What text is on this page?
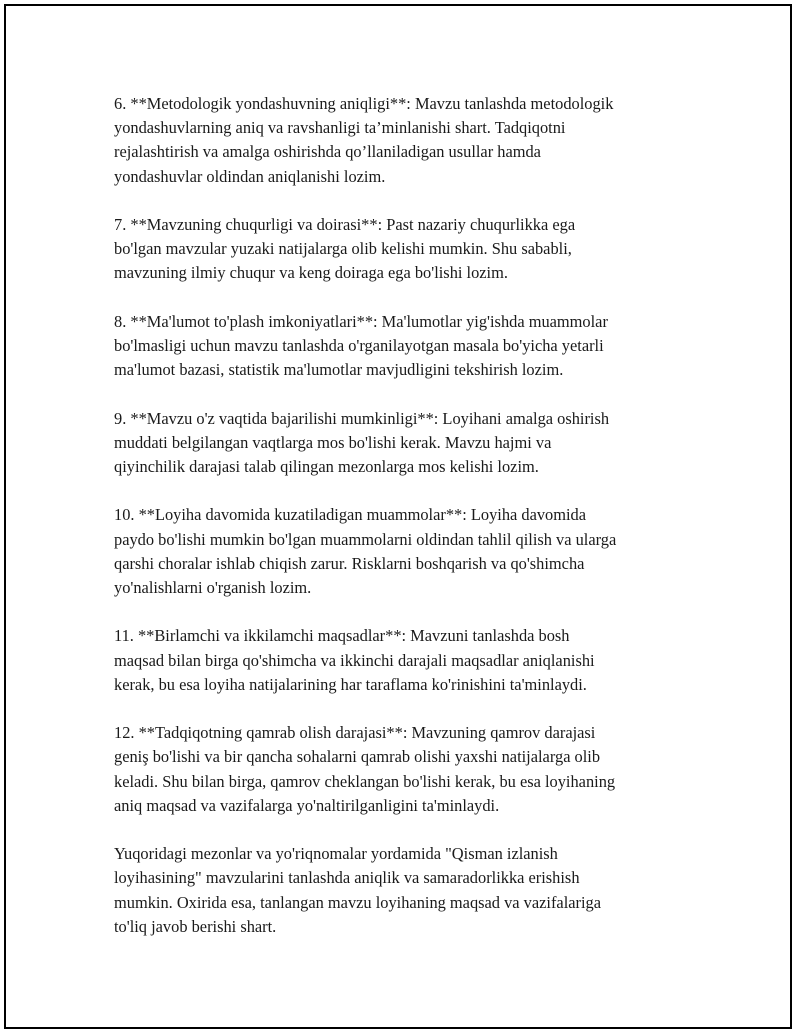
6. **Metodologik yondashuvning aniqligi**: Mavzu tanlashda metodologik
yondashuvlarning aniq va ravshanligi ta’minlanishi shart. Tadqiqotni
rejalashtirish va amalga oshirishda qo’llaniladigan usullar hamda
yondashuvlar oldindan aniqlanishi lozim.

7. **Mavzuning chuqurligi va doirasi**: Past nazariy chuqurlikka ega
bo'lgan mavzular yuzaki natijalarga olib kelishi mumkin. Shu sababli,
mavzuning ilmiy chuqur va keng doiraga ega bo'lishi lozim.

8. **Ma'lumot to'plash imkoniyatlari**: Ma'lumotlar yig'ishda muammolar
bo'lmasligi uchun mavzu tanlashda o'rganilayotgan masala bo'yicha yetarli
ma'lumot bazasi, statistik ma'lumotlar mavjudligini tekshirish lozim.

9. **Mavzu o'z vaqtida bajarilishi mumkinligi**: Loyihani amalga oshirish
muddati belgilangan vaqtlarga mos bo'lishi kerak. Mavzu hajmi va
qiyinchilik darajasi talab qilingan mezonlarga mos kelishi lozim.

10. **Loyiha davomida kuzatiladigan muammolar**: Loyiha davomida
paydo bo'lishi mumkin bo'lgan muammolarni oldindan tahlil qilish va ularga
qarshi choralar ishlab chiqish zarur. Risklarni boshqarish va qo'shimcha
yo'nalishlarni o'rganish lozim.

11. **Birlamchi va ikkilamchi maqsadlar**: Mavzuni tanlashda bosh
maqsad bilan birga qo'shimcha va ikkinchi darajali maqsadlar aniqlanishi
kerak, bu esa loyiha natijalarining har taraflama ko'rinishini ta'minlaydi.

12. **Tadqiqotning qamrab olish darajasi**: Mavzuning qamrov darajasi
geniş bo'lishi va bir qancha sohalarni qamrab olishi yaxshi natijalarga olib
keladi. Shu bilan birga, qamrov cheklangan bo'lishi kerak, bu esa loyihaning
aniq maqsad va vazifalarga yo'naltirilganligini ta'minlaydi.

Yuqoridagi mezonlar va yo'riqnomalar yordamida "Qisman izlanish
loyihasining" mavzularini tanlashda aniqlik va samaradorlikka erishish
mumkin. Oxirida esa, tanlangan mavzu loyihaning maqsad va vazifalariga
to'liq javob berishi shart.
